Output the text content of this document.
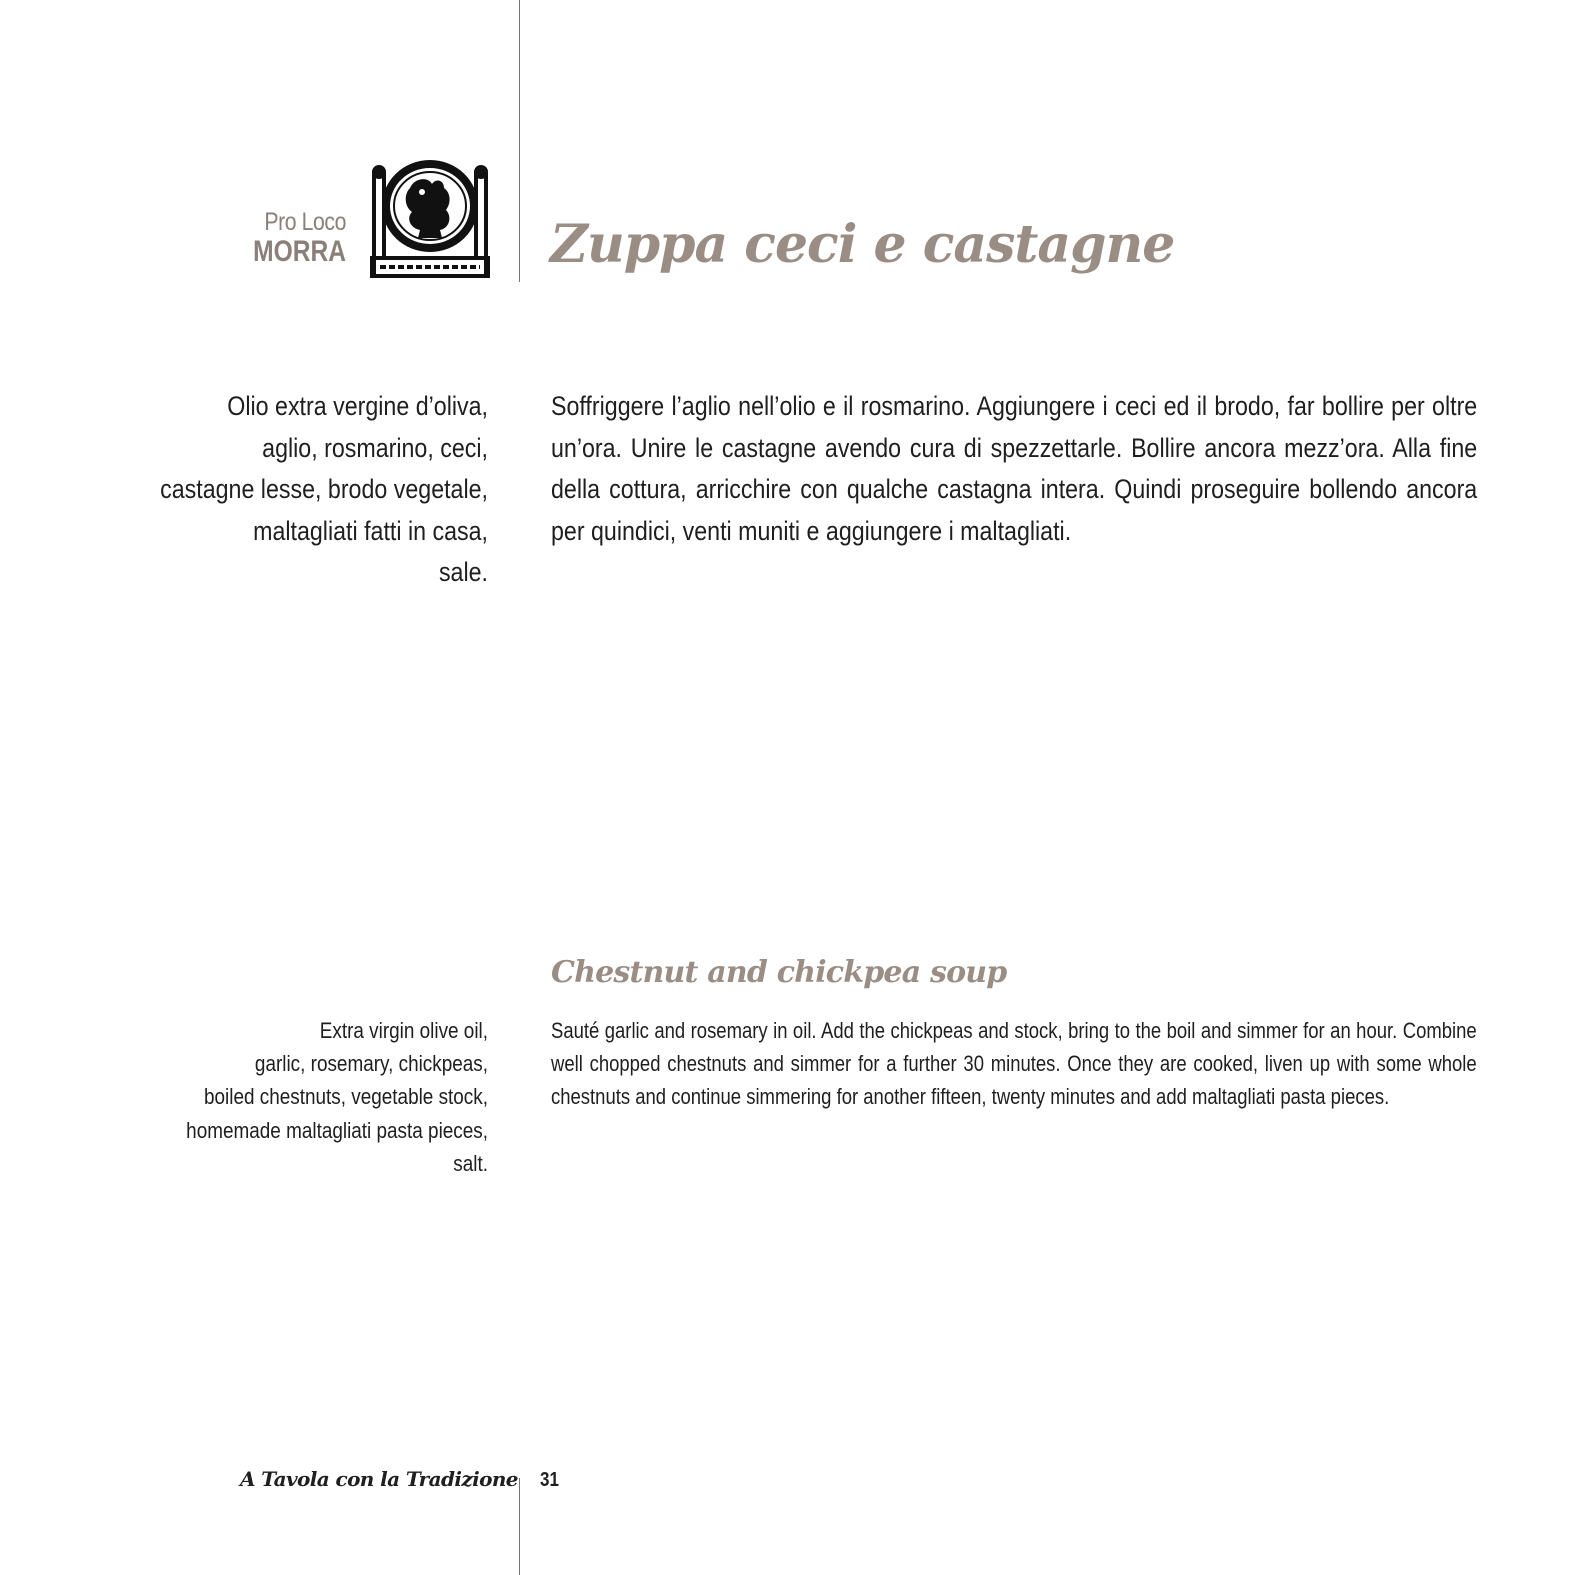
Pro Loco
MORRA	Zuppa ceci e castagne
Olio extra vergine d’oliva,
aglio, rosmarino, ceci,
castagne lesse, brodo vegetale,
maltagliati fatti in casa,
sale.
Soffriggere l’aglio nell’olio e il rosmarino. Aggiungere i ceci ed il brodo, far bollire per oltre un’ora. Unire le castagne avendo cura di spezzettarle. Bollire ancora mezz’ora. Alla fine della cottura, arricchire con qualche castagna intera. Quindi proseguire bollendo ancora per quindici, venti muniti e aggiungere i maltagliati.
Chestnut and chickpea soup
Extra virgin olive oil,
garlic, rosemary, chickpeas,
boiled chestnuts, vegetable stock,
homemade maltagliati pasta pieces,
salt.
Sauté garlic and rosemary in oil. Add the chickpeas and stock, bring to the boil and simmer for an hour. Combine well chopped chestnuts and simmer for a further 30 minutes. Once they are cooked, liven up with some whole chestnuts and continue simmering for another fifteen, twenty minutes and add maltagliati pasta pieces.
A Tavola con la Tradizione 31
